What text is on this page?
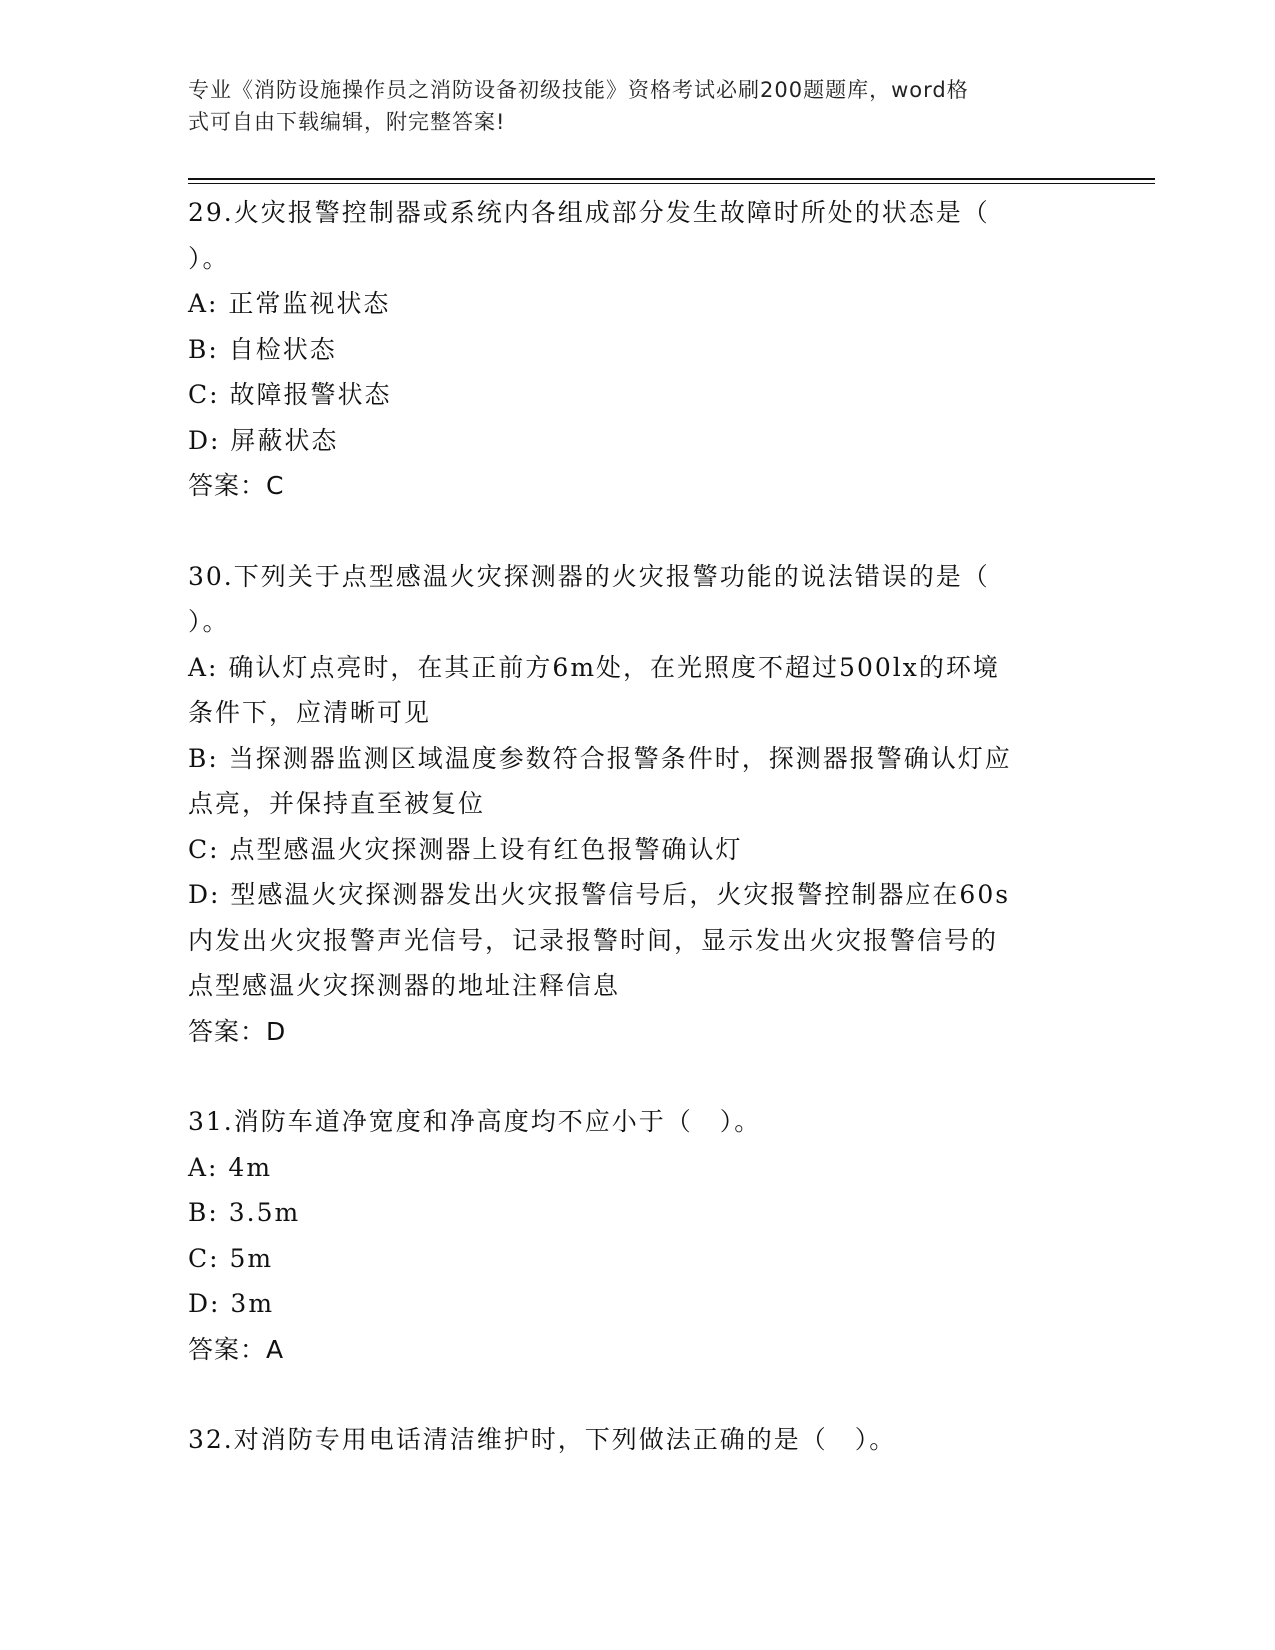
专业《消防设施操作员之消防设备初级技能》资格考试必刷200题题库，word格
式可自由下载编辑，附完整答案!

29.火灾报警控制器或系统内各组成部分发生故障时所处的状态是（

）。

A: 正常监视状态

B: 自检状态

C: 故障报警状态

D: 屏蔽状态

答案：C

30.下列关于点型感温火灾探测器的火灾报警功能的说法错误的是（

）。

A: 确认灯点亮时，在其正前方6m处，在光照度不超过500lx的环境

条件下，应清晰可见

B: 当探测器监测区域温度参数符合报警条件时，探测器报警确认灯应

点亮，并保持直至被复位

C: 点型感温火灾探测器上设有红色报警确认灯

D: 型感温火灾探测器发出火灾报警信号后，火灾报警控制器应在60s

内发出火灾报警声光信号，记录报警时间，显示发出火灾报警信号的

点型感温火灾探测器的地址注释信息

答案：D

31.消防车道净宽度和净高度均不应小于（　）。

A: 4m

B: 3.5m

C: 5m

D: 3m

答案：A

32.对消防专用电话清洁维护时，下列做法正确的是（　）。
